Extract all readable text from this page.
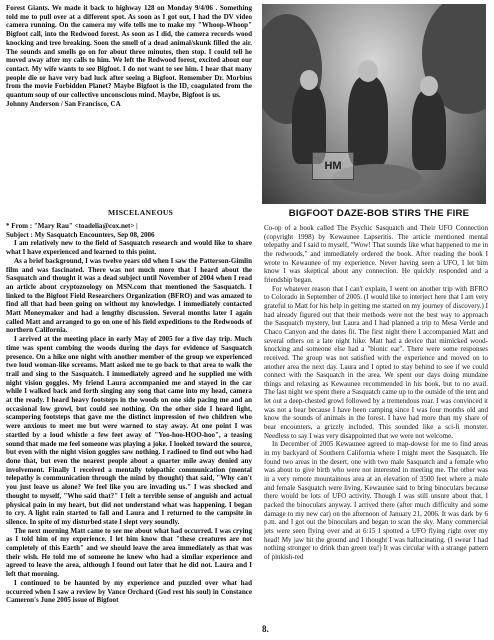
Forest Giants. We made it back to highway 128 on Monday 9/4/06 . Something told me to pull over at a different spot. As soon as I got out, I had the DV video camera running. On the camera my wife tells me to make my "Whoop-Whoop" Bigfoot call, into the Redwood forest. As soon as I did, the camera records wood knocking and tree breaking. Soon the smell of a dead animal/skunk filled the air. The sounds and smells go on for about three minutes, then stop. I could tell he moved away after my calls to him. We left the Redwood forest, excited about our contact. My wife wants to see Bigfoot. I do not want to see him. I hear that many people die or have very bad luck after seeing a Bigfoot. Remember Dr. Morbius from the movie Forbidden Planet? Maybe Bigfoot is the ID, coagulated from the quantum soup of our collective unconscious mind. Maybe, Bigfoot is us.

Johnny Anderson / San Francisco, CA

MISCELANEOUS

* From : "Mary Rau" <toadelia@cox.net> |

Subject : My Sasquatch Encounters, Sep 08, 2006

I am relatively new to the field of Sasquatch research and would like to share what I have experienced and learned to this point.

As a brief background, I was twelve years old when I saw the Patterson-Gimlin film and was fascinated. There was not much more that I heard about the Sasquatch and thought it was a dead subject until November of 2004 when I read an article about cryptozoology on MSN.com that mentioned the Sasquatch. I linked to the Bigfoot Field Researchers Organization (BFRO) and was amazed to find all that had been going on without my knowledge. I immediately contacted Matt Moneymaker and had a lengthy discussion. Several months later I again called Matt and arranged to go on one of his field expeditions to the Redwoods of northern California.

I arrived at the meeting place in early May of 2005 for a five day trip. Much time was spent combing the woods during the days for evidence of Sasquatch presence. On a hike one night with another member of the group we experienced two loud woman-like screams. Matt asked me to go back to that area to walk the trail and sing to the Sasquatch. I immediately agreed and he supplied me with night vision goggles. My friend Laura accompanied me and stayed in the car while I walked back and forth singing any song that came into my head, camera at the ready. I heard heavy footsteps in the woods on one side pacing me and an occasional low growl, but could see nothing. On the other side I heard light, scampering footsteps that gave me the distinct impression of two children who were anxious to meet me but were warned to stay away. At one point I was startled by a loud whistle a few feet away of "Yoo-hoo-HOO-hoo", a teasing sound that made me feel someone was playing a joke. I looked toward the source, but even with the night vision goggles saw nothing. I radioed to find out who had done that, but even the nearest people about a quarter mile away denied any involvement. Finally I received a mentally telepathic communication (mental telepathy is communication through the mind by thought) that said, "Why can't you just leave us alone? We feel like you are invading us." I was shocked and thought to myself, "Who said that?" I felt a terrible sense of anguish and actual physical pain in my heart, but did not understand what was happening. I began to cry. A light rain started to fall and Laura and I returned to the campsite in silence. In spite of my disturbed state I slept very soundly.

The next morning Matt came to see me about what had occurred. I was crying as I told him of my experience. I let him know that "these creatures are not completely of this Earth" and we should leave the area immediately as that was their wish. He told me of someone he knew who had a similar experience and agreed to leave the area, although I found out later that he did not. Laura and I left that morning.

I continued to be haunted by my experience and puzzled over what had occurred when I saw a review by Vance Orchard (God rest his soul) in Constance Cameron's June 2005 issue of Bigfoot

HM
BIGFOOT DAZE-BOB STIRS THE FIRE

Co-op of a book called The Psychic Sasquatch and Their UFO Connection (copyright 1998) by Kewaunee Lapseritis. The article mentioned mental telepathy and I said to myself, "Wow! That sounds like what happened to me in the redwoods," and immediately ordered the book. After reading the book I wrote to Kewaunee of my experience. Never having seen a UFO, I let him know I was skeptical about any connection. He quickly responded and a friendship began.

For whatever reason that I can't explain, I went on another trip with BFRO to Colorado in September of 2005. (I would like to interject here that I am very grateful to Matt for his help in getting me started on my journey of discovery.) I had already figured out that their methods were not the best way to approach the Sasquatch mystery, but Laura and I had planned a trip to Mesa Verde and Chaco Canyon and the dates fit. The first night there I accompanied Matt and several others on a late night hike. Matt had a device that mimicked wood-knocking and someone else had a "bionic ear". There were some responses received. The group was not satisfied with the experience and moved on to another area the next day. Laura and I opted to stay behind to see if we could connect with the Sasquatch in the area. We spent our days doing mundane things and relaxing as Kewaunee recommended in his book, but to no avail. The last night we spent there a Sasquatch came up to the outside of the tent and let out a deep-chested growl followed by a tremendous roar. I was convinced it was not a bear because I have been camping since I was four months old and know the sounds of animals in the forest. I have had more than my share of bear encounters, a grizzly included. This sounded like a sci-fi monster. Needless to say I was very disappointed that we were not welcome.

In December of 2005 Kewaunee agreed to map-dowse for me to find areas in my backyard of Southern California where I might meet the Sasquatch. He found two areas in the desert, one with two male Sasquatch and a female who was about to give birth who were not interested in meeting me. The other was in a very remote mountainous area at an elevation of 3500 feet where a male and female Sasquatch were living. Kewaunee said to bring binoculars because there would be lots of UFO activity. Though I was still unsure about that, I packed the binoculars anyway. I arrived there (after much difficulty and some damage to my new car) on the afternoon of January 21, 2006. It was dark by 6 p.m. and I got out the binoculars and began to scan the sky. Many commercial jets were seen flying over and at 6:15 I spotted a UFO flying right over my head! My jaw hit the ground and I thought I was hallucinating. (I swear I had nothing stronger to drink than green tea!) It was circular with a strange pattern of pinkish-red

8.
